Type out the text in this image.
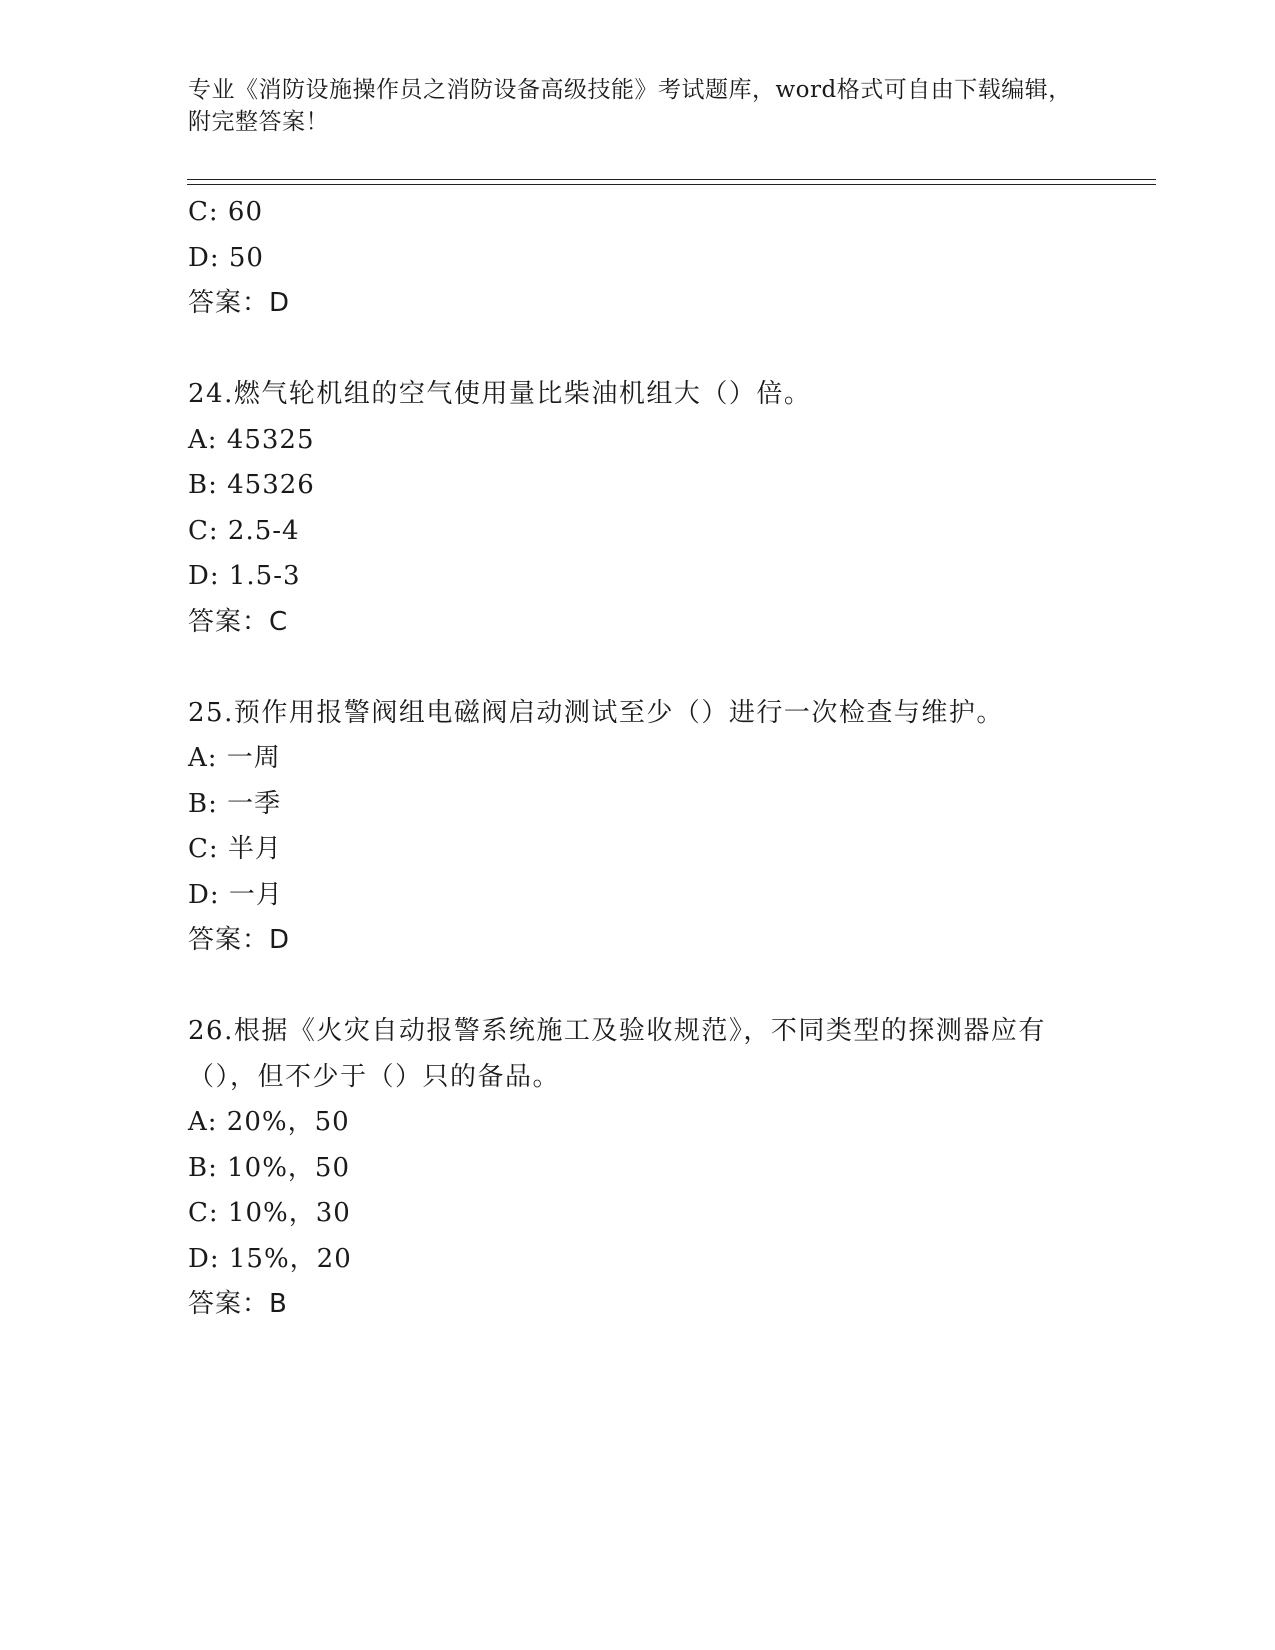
专业《消防设施操作员之消防设备高级技能》考试题库，word格式可自由下载编辑，附完整答案！
C: 60
D: 50
答案：D
24.燃气轮机组的空气使用量比柴油机组大（）倍。
A: 45325
B: 45326
C: 2.5-4
D: 1.5-3
答案：C
25.预作用报警阀组电磁阀启动测试至少（）进行一次检查与维护。
A: 一周
B: 一季
C: 半月
D: 一月
答案：D
26.根据《火灾自动报警系统施工及验收规范》，不同类型的探测器应有（），但不少于（）只的备品。
A: 20%，50
B: 10%，50
C: 10%，30
D: 15%，20
答案：B
